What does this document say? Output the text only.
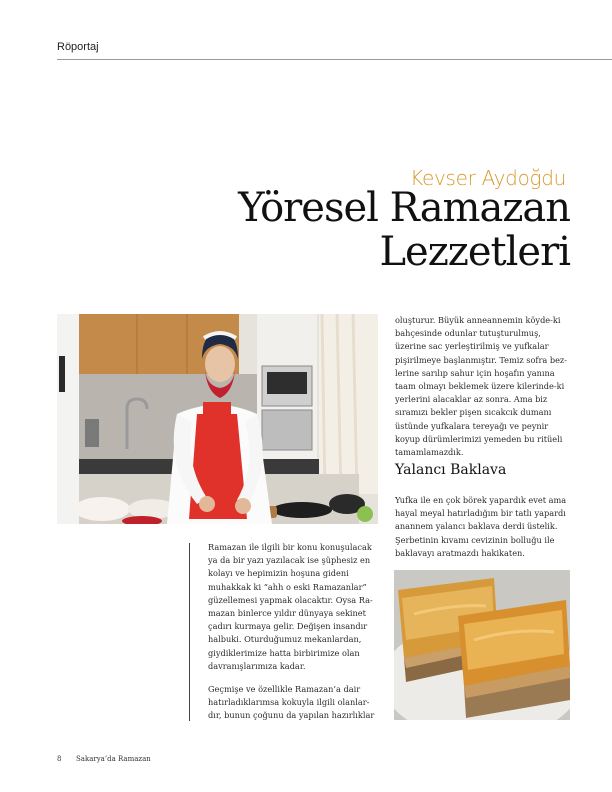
Röportaj
Kevser Aydoğdu
Yöresel Ramazan
Lezzetleri
Ramazan ile ilgili bir konu konuşulacak ya da bir yazı yazılacak ise şüphesiz en kolayı ve hepimizin hoşuna gideni muhakkak ki “ahh o eski Ramazanlar” güzellemesi yapmak olacaktır. Oysa Ra-mazan binlerce yıldır dünyaya sekinet çadırı kurmaya gelir. Değişen insandır halbuki. Oturduğumuz mekanlardan, giydiklerimize hatta birbirimize olan davranışlarımıza kadar.
Geçmişe ve özellikle Ramazan’a dair hatırladıklarımsa kokuyla ilgili olanlar-dır, bunun çoğunu da yapılan hazırlıklar
oluşturur. Büyük anneannemin köyde-ki bahçesinde odunlar tutuşturulmuş, üzerine sac yerleştirilmiş ve yufkalar pişirilmeye başlanmıştır. Temiz sofra bez-lerine sarılıp sahur için hoşafın yanına taam olmayı beklemek üzere kilerinde-ki yerlerini alacaklar az sonra. Ama biz sıramızı bekler pişen sıcakcık dumanı üstünde yufkalara tereyağı ve peynir koyup dürümlerimizi yemeden bu ritüeli tamamlamazdık.
Yalancı Baklava
Yufka ile en çok börek yapardık evet ama hayal meyal hatırladığım bir tatlı yapardı anannem yalancı baklava derdi üstelik. Şerbetinin kıvamı cevizinin bolluğu ile baklavayı aratmazdı hakikaten.
8 Sakarya’da Ramazan
